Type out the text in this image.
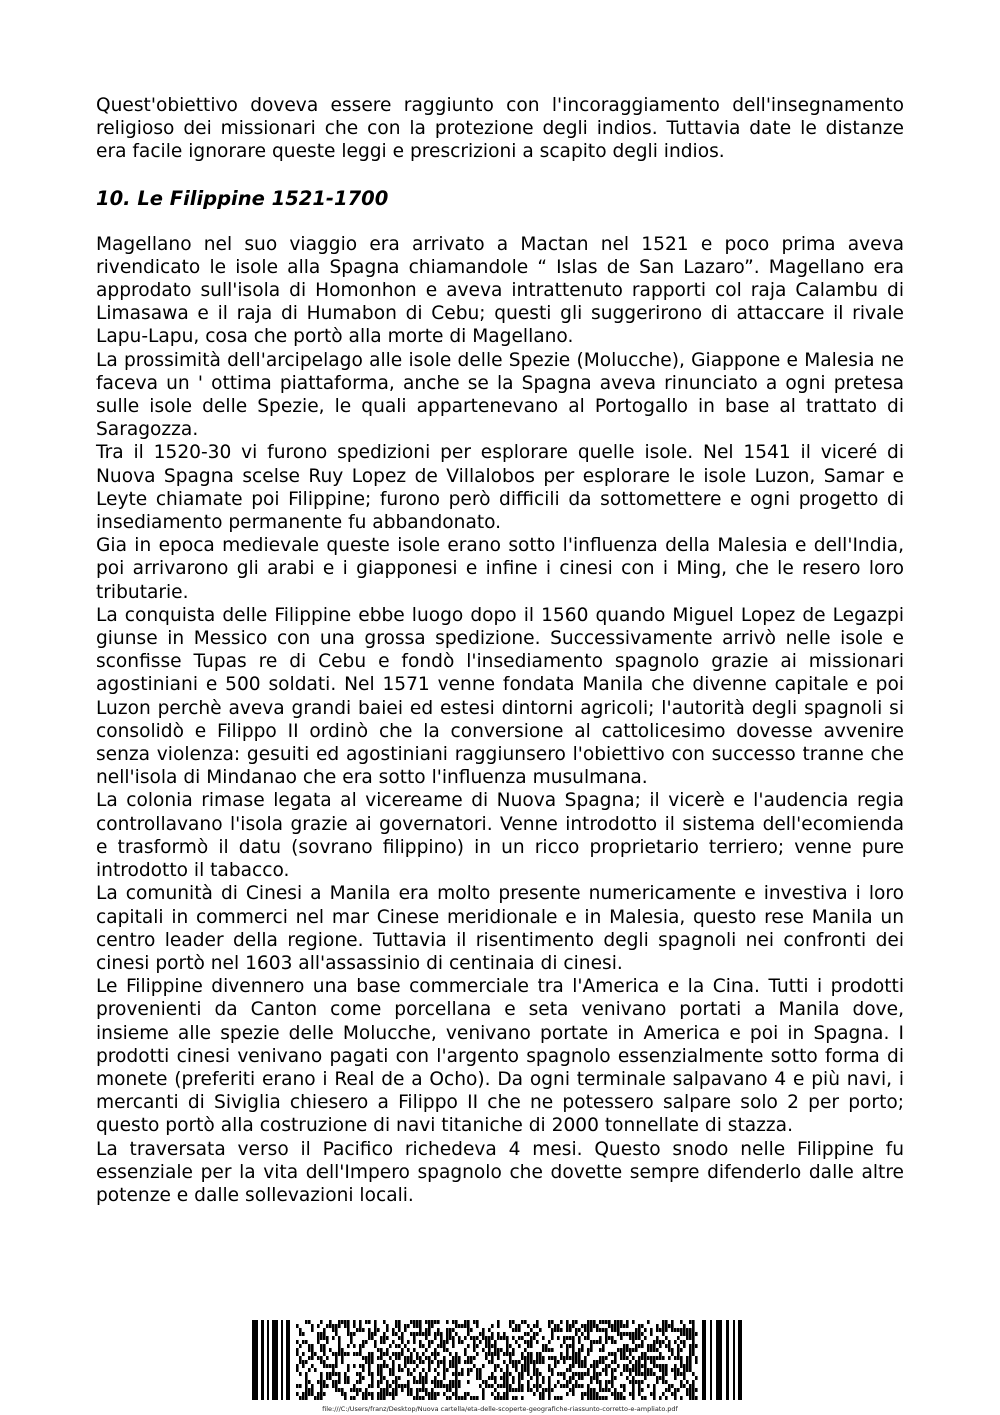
Quest'obiettivo doveva essere raggiunto con l'incoraggiamento dell'insegnamento religioso dei missionari che con la protezione degli indios. Tuttavia date le distanze era facile ignorare queste leggi e prescrizioni a scapito degli indios.

10. Le Filippine 1521-1700

Magellano nel suo viaggio era arrivato a Mactan nel 1521 e poco prima aveva rivendicato le isole alla Spagna chiamandole “ Islas de San Lazaro”. Magellano era approdato sull'isola di Homonhon e aveva intrattenuto rapporti col raja Calambu di Limasawa e il raja di Humabon di Cebu; questi gli suggerirono di attaccare il rivale Lapu-Lapu, cosa che portò alla morte di Magellano.

La prossimità dell'arcipelago alle isole delle Spezie (Molucche), Giappone e Malesia ne faceva un ' ottima piattaforma, anche se la Spagna aveva rinunciato a ogni pretesa sulle isole delle Spezie, le quali appartenevano al Portogallo in base al trattato di Saragozza.

Tra il 1520-30 vi furono spedizioni per esplorare quelle isole. Nel 1541 il viceré di Nuova Spagna scelse Ruy Lopez de Villalobos per esplorare le isole Luzon, Samar e Leyte chiamate poi Filippine; furono però difficili da sottomettere e ogni progetto di insediamento permanente fu abbandonato.

Gia in epoca medievale queste isole erano sotto l'influenza della Malesia e dell'India, poi arrivarono gli arabi e i giapponesi e infine i cinesi con i Ming, che le resero loro tributarie.

La conquista delle Filippine ebbe luogo dopo il 1560 quando Miguel Lopez de Legazpi giunse in Messico con una grossa spedizione. Successivamente arrivò nelle isole e sconfisse Tupas re di Cebu e fondò l'insediamento spagnolo grazie ai missionari agostiniani e 500 soldati. Nel 1571 venne fondata Manila che divenne capitale e poi Luzon perchè aveva grandi baiei ed estesi dintorni agricoli; l'autorità degli spagnoli si consolidò e Filippo II ordinò che la conversione al cattolicesimo dovesse avvenire senza violenza: gesuiti ed agostiniani raggiunsero l'obiettivo con successo tranne che nell'isola di Mindanao che era sotto l'influenza musulmana.

La colonia rimase legata al vicereame di Nuova Spagna; il vicerè e l'audencia regia controllavano l'isola grazie ai governatori. Venne introdotto il sistema dell'ecomienda e trasformò il datu (sovrano filippino) in un ricco proprietario terriero; venne pure introdotto il tabacco.

La comunità di Cinesi a Manila era molto presente numericamente e investiva i loro capitali in commerci nel mar Cinese meridionale e in Malesia, questo rese Manila un centro leader della regione. Tuttavia il risentimento degli spagnoli nei confronti dei cinesi portò nel 1603 all'assassinio di centinaia di cinesi.

Le Filippine divennero una base commerciale tra l'America e la Cina. Tutti i prodotti provenienti da Canton come porcellana e seta venivano portati a Manila dove, insieme alle spezie delle Molucche, venivano portate in America e poi in Spagna. I prodotti cinesi venivano pagati con l'argento spagnolo essenzialmente sotto forma di monete (preferiti erano i Real de a Ocho). Da ogni terminale salpavano 4 e più navi, i mercanti di Siviglia chiesero a Filippo II che ne potessero salpare solo 2 per porto; questo portò alla costruzione di navi titaniche di 2000 tonnellate di stazza.

La traversata verso il Pacifico richedeva 4 mesi. Questo snodo nelle Filippine fu essenziale per la vita dell'Impero spagnolo che dovette sempre difenderlo dalle altre potenze e dalle sollevazioni locali.

file:///C:/Users/franz/Desktop/Nuova cartella/eta-delle-scoperte-geografiche-riassunto-corretto-e-ampliato.pdf
